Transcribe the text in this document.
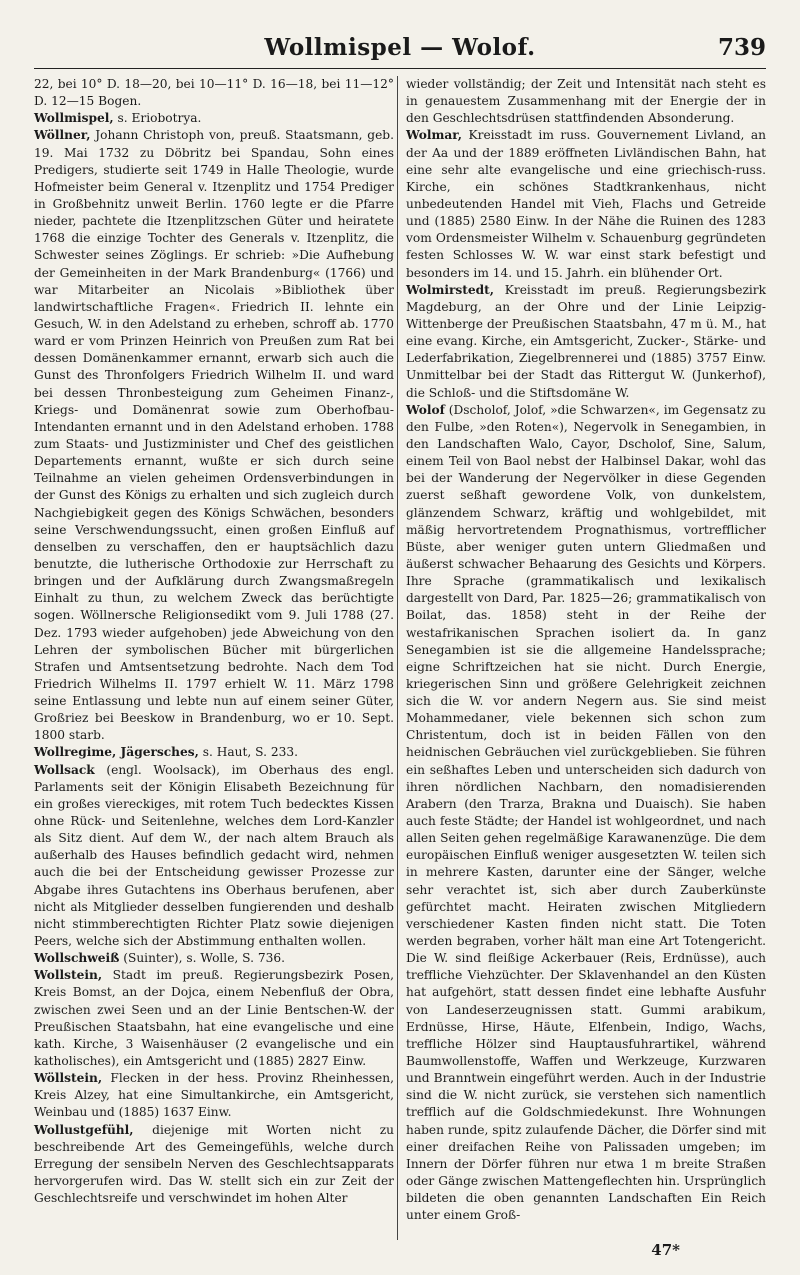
Wollmispel — Wolof.	739

22, bei 10° D. 18—20, bei 10—11° D. 16—18, bei 11—12° D. 12—15 Bogen.

Wollmispel, s. Eriobotrya.

Wöllner, Johann Christoph von, preuß. Staatsmann, geb. 19. Mai 1732 zu Döbritz bei Spandau, Sohn eines Predigers, studierte seit 1749 in Halle Theologie, wurde Hofmeister beim General v. Itzenplitz und 1754 Prediger in Großbehnitz unweit Berlin. 1760 legte er die Pfarre nieder, pachtete die Itzenplitzschen Güter und heiratete 1768 die einzige Tochter des Generals v. Itzenplitz, die Schwester seines Zöglings. Er schrieb: »Die Aufhebung der Gemeinheiten in der Mark Brandenburg« (1766) und war Mitarbeiter an Nicolais »Bibliothek über landwirtschaftliche Fragen«. Friedrich II. lehnte ein Gesuch, W. in den Adelstand zu erheben, schroff ab. 1770 ward er vom Prinzen Heinrich von Preußen zum Rat bei dessen Domänenkammer ernannt, erwarb sich auch die Gunst des Thronfolgers Friedrich Wilhelm II. und ward bei dessen Thronbesteigung zum Geheimen Finanz-, Kriegs- und Domänenrat sowie zum Oberhofbau-Intendanten ernannt und in den Adelstand erhoben. 1788 zum Staats- und Justizminister und Chef des geistlichen Departements ernannt, wußte er sich durch seine Teilnahme an vielen geheimen Ordensverbindungen in der Gunst des Königs zu erhalten und sich zugleich durch Nachgiebigkeit gegen des Königs Schwächen, besonders seine Verschwendungssucht, einen großen Einfluß auf denselben zu verschaffen, den er hauptsächlich dazu benutzte, die lutherische Orthodoxie zur Herrschaft zu bringen und der Aufklärung durch Zwangsmaßregeln Einhalt zu thun, zu welchem Zweck das berüchtigte sogen. Wöllnersche Religionsedikt vom 9. Juli 1788 (27. Dez. 1793 wieder aufgehoben) jede Abweichung von den Lehren der symbolischen Bücher mit bürgerlichen Strafen und Amtsentsetzung bedrohte. Nach dem Tod Friedrich Wilhelms II. 1797 erhielt W. 11. März 1798 seine Entlassung und lebte nun auf einem seiner Güter, Großriez bei Beeskow in Brandenburg, wo er 10. Sept. 1800 starb.

Wollregime, Jägersches, s. Haut, S. 233.

Wollsack (engl. Woolsack), im Oberhaus des engl. Parlaments seit der Königin Elisabeth Bezeichnung für ein großes viereckiges, mit rotem Tuch bedecktes Kissen ohne Rück- und Seitenlehne, welches dem Lord-Kanzler als Sitz dient. Auf dem W., der nach altem Brauch als außerhalb des Hauses befindlich gedacht wird, nehmen auch die bei der Entscheidung gewisser Prozesse zur Abgabe ihres Gutachtens ins Oberhaus berufenen, aber nicht als Mitglieder desselben fungierenden und deshalb nicht stimmberechtigten Richter Platz sowie diejenigen Peers, welche sich der Abstimmung enthalten wollen.

Wollschweiß (Suinter), s. Wolle, S. 736.

Wollstein, Stadt im preuß. Regierungsbezirk Posen, Kreis Bomst, an der Dojca, einem Nebenfluß der Obra, zwischen zwei Seen und an der Linie Bentschen-W. der Preußischen Staatsbahn, hat eine evangelische und eine kath. Kirche, 3 Waisenhäuser (2 evangelische und ein katholisches), ein Amtsgericht und (1885) 2827 Einw.

Wöllstein, Flecken in der hess. Provinz Rheinhessen, Kreis Alzey, hat eine Simultankirche, ein Amtsgericht, Weinbau und (1885) 1637 Einw.

Wollustgefühl, diejenige mit Worten nicht zu beschreibende Art des Gemeingefühls, welche durch Erregung der sensibeln Nerven des Geschlechtsapparats hervorgerufen wird. Das W. stellt sich ein zur Zeit der Geschlechtsreife und verschwindet im hohen Alter

wieder vollständig; der Zeit und Intensität nach steht es in genauestem Zusammenhang mit der Energie der in den Geschlechtsdrüsen stattfindenden Absonderung.

Wolmar, Kreisstadt im russ. Gouvernement Livland, an der Aa und der 1889 eröffneten Livländischen Bahn, hat eine sehr alte evangelische und eine griechisch-russ. Kirche, ein schönes Stadtkrankenhaus, nicht unbedeutenden Handel mit Vieh, Flachs und Getreide und (1885) 2580 Einw. In der Nähe die Ruinen des 1283 vom Ordensmeister Wilhelm v. Schauenburg gegründeten festen Schlosses W. W. war einst stark befestigt und besonders im 14. und 15. Jahrh. ein blühender Ort.

Wolmirstedt, Kreisstadt im preuß. Regierungsbezirk Magdeburg, an der Ohre und der Linie Leipzig-Wittenberge der Preußischen Staatsbahn, 47 m ü. M., hat eine evang. Kirche, ein Amtsgericht, Zucker-, Stärke- und Lederfabrikation, Ziegelbrennerei und (1885) 3757 Einw. Unmittelbar bei der Stadt das Rittergut W. (Junkerhof), die Schloß- und die Stiftsdomäne W.

Wolof (Dscholof, Jolof, »die Schwarzen«, im Gegensatz zu den Fulbe, »den Roten«), Negervolk in Senegambien, in den Landschaften Walo, Cayor, Dscholof, Sine, Salum, einem Teil von Baol nebst der Halbinsel Dakar, wohl das bei der Wanderung der Negervölker in diese Gegenden zuerst seßhaft gewordene Volk, von dunkelstem, glänzendem Schwarz, kräftig und wohlgebildet, mit mäßig hervortretendem Prognathismus, vortrefflicher Büste, aber weniger guten untern Gliedmaßen und äußerst schwacher Behaarung des Gesichts und Körpers. Ihre Sprache (grammatikalisch und lexikalisch dargestellt von Dard, Par. 1825—26; grammatikalisch von Boilat, das. 1858) steht in der Reihe der westafrikanischen Sprachen isoliert da. In ganz Senegambien ist sie die allgemeine Handelssprache; eigne Schriftzeichen hat sie nicht. Durch Energie, kriegerischen Sinn und größere Gelehrigkeit zeichnen sich die W. vor andern Negern aus. Sie sind meist Mohammedaner, viele bekennen sich schon zum Christentum, doch ist in beiden Fällen von den heidnischen Gebräuchen viel zurückgeblieben. Sie führen ein seßhaftes Leben und unterscheiden sich dadurch von ihren nördlichen Nachbarn, den nomadisierenden Arabern (den Trarza, Brakna und Duaisch). Sie haben auch feste Städte; der Handel ist wohlgeordnet, und nach allen Seiten gehen regelmäßige Karawanenzüge. Die dem europäischen Einfluß weniger ausgesetzten W. teilen sich in mehrere Kasten, darunter eine der Sänger, welche sehr verachtet ist, sich aber durch Zauberkünste gefürchtet macht. Heiraten zwischen Mitgliedern verschiedener Kasten finden nicht statt. Die Toten werden begraben, vorher hält man eine Art Totengericht. Die W. sind fleißige Ackerbauer (Reis, Erdnüsse), auch treffliche Viehzüchter. Der Sklavenhandel an den Küsten hat aufgehört, statt dessen findet eine lebhafte Ausfuhr von Landeserzeugnissen statt. Gummi arabikum, Erdnüsse, Hirse, Häute, Elfenbein, Indigo, Wachs, treffliche Hölzer sind Hauptausfuhrartikel, während Baumwollenstoffe, Waffen und Werkzeuge, Kurzwaren und Branntwein eingeführt werden. Auch in der Industrie sind die W. nicht zurück, sie verstehen sich namentlich trefflich auf die Goldschmiedekunst. Ihre Wohnungen haben runde, spitz zulaufende Dächer, die Dörfer sind mit einer dreifachen Reihe von Palissaden umgeben; im Innern der Dörfer führen nur etwa 1 m breite Straßen oder Gänge zwischen Mattengeflechten hin. Ursprünglich bildeten die oben genannten Landschaften Ein Reich unter einem Groß-

47*
